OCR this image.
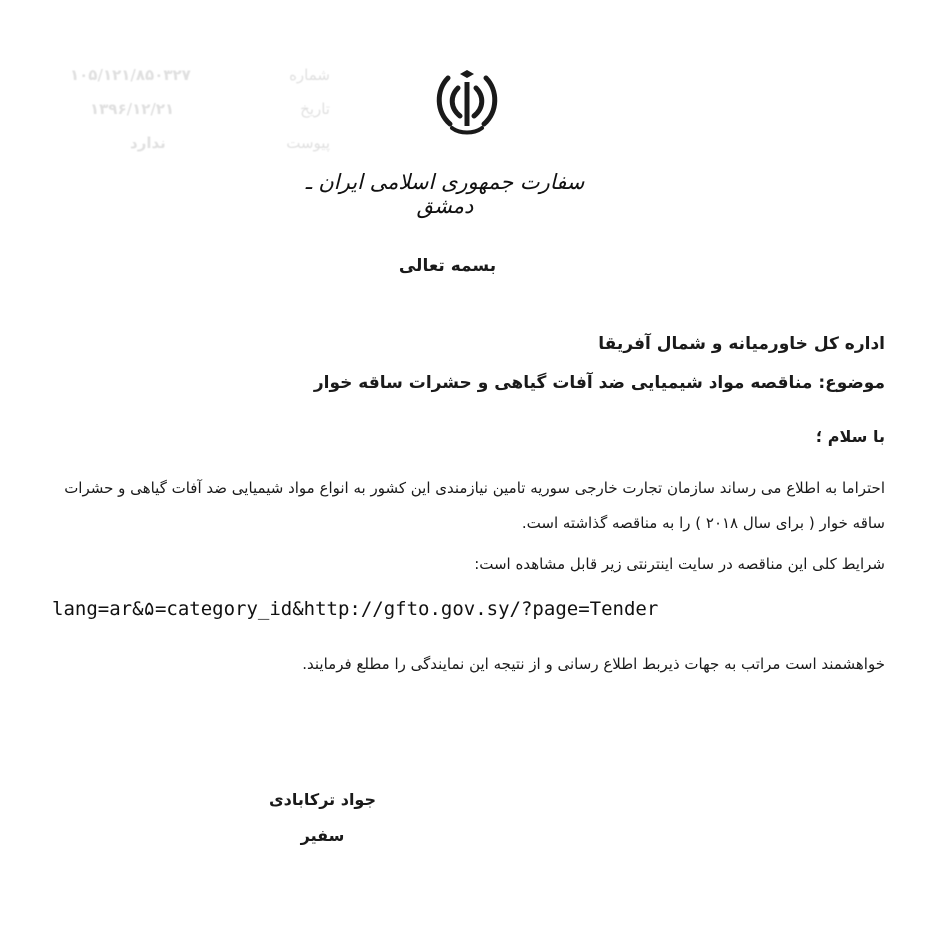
۱۰۵/۱۲۱/۸۵۰۳۲۷	شماره
۱۳۹۶/۱۲/۲۱	تاریخ
ندارد	پیوست
سفارت جمهوری اسلامی ایران ـ دمشق
بسمه تعالی
اداره کل خاورمیانه و شمال آفریقا
موضوع: مناقصه مواد شیمیایی ضد آفات گیاهی و حشرات ساقه خوار
با سلام ؛
احتراما به اطلاع می رساند سازمان تجارت خارجی سوریه تامین نیازمندی این کشور به انواع مواد شیمیایی ضد آفات گیاهی و حشرات ساقه خوار ( برای سال ۲۰۱۸ ) را به مناقصه گذاشته است.
شرایط کلی این مناقصه در سایت اینترنتی زیر قابل مشاهده است:
lang=ar&۵=category_id&http://gfto.gov.sy/?page=Tender
خواهشمند است مراتب به جهات ذیربط اطلاع رسانی و از نتیجه این نمایندگی را مطلع فرمایند.
جواد ترکابادی
سفیر
